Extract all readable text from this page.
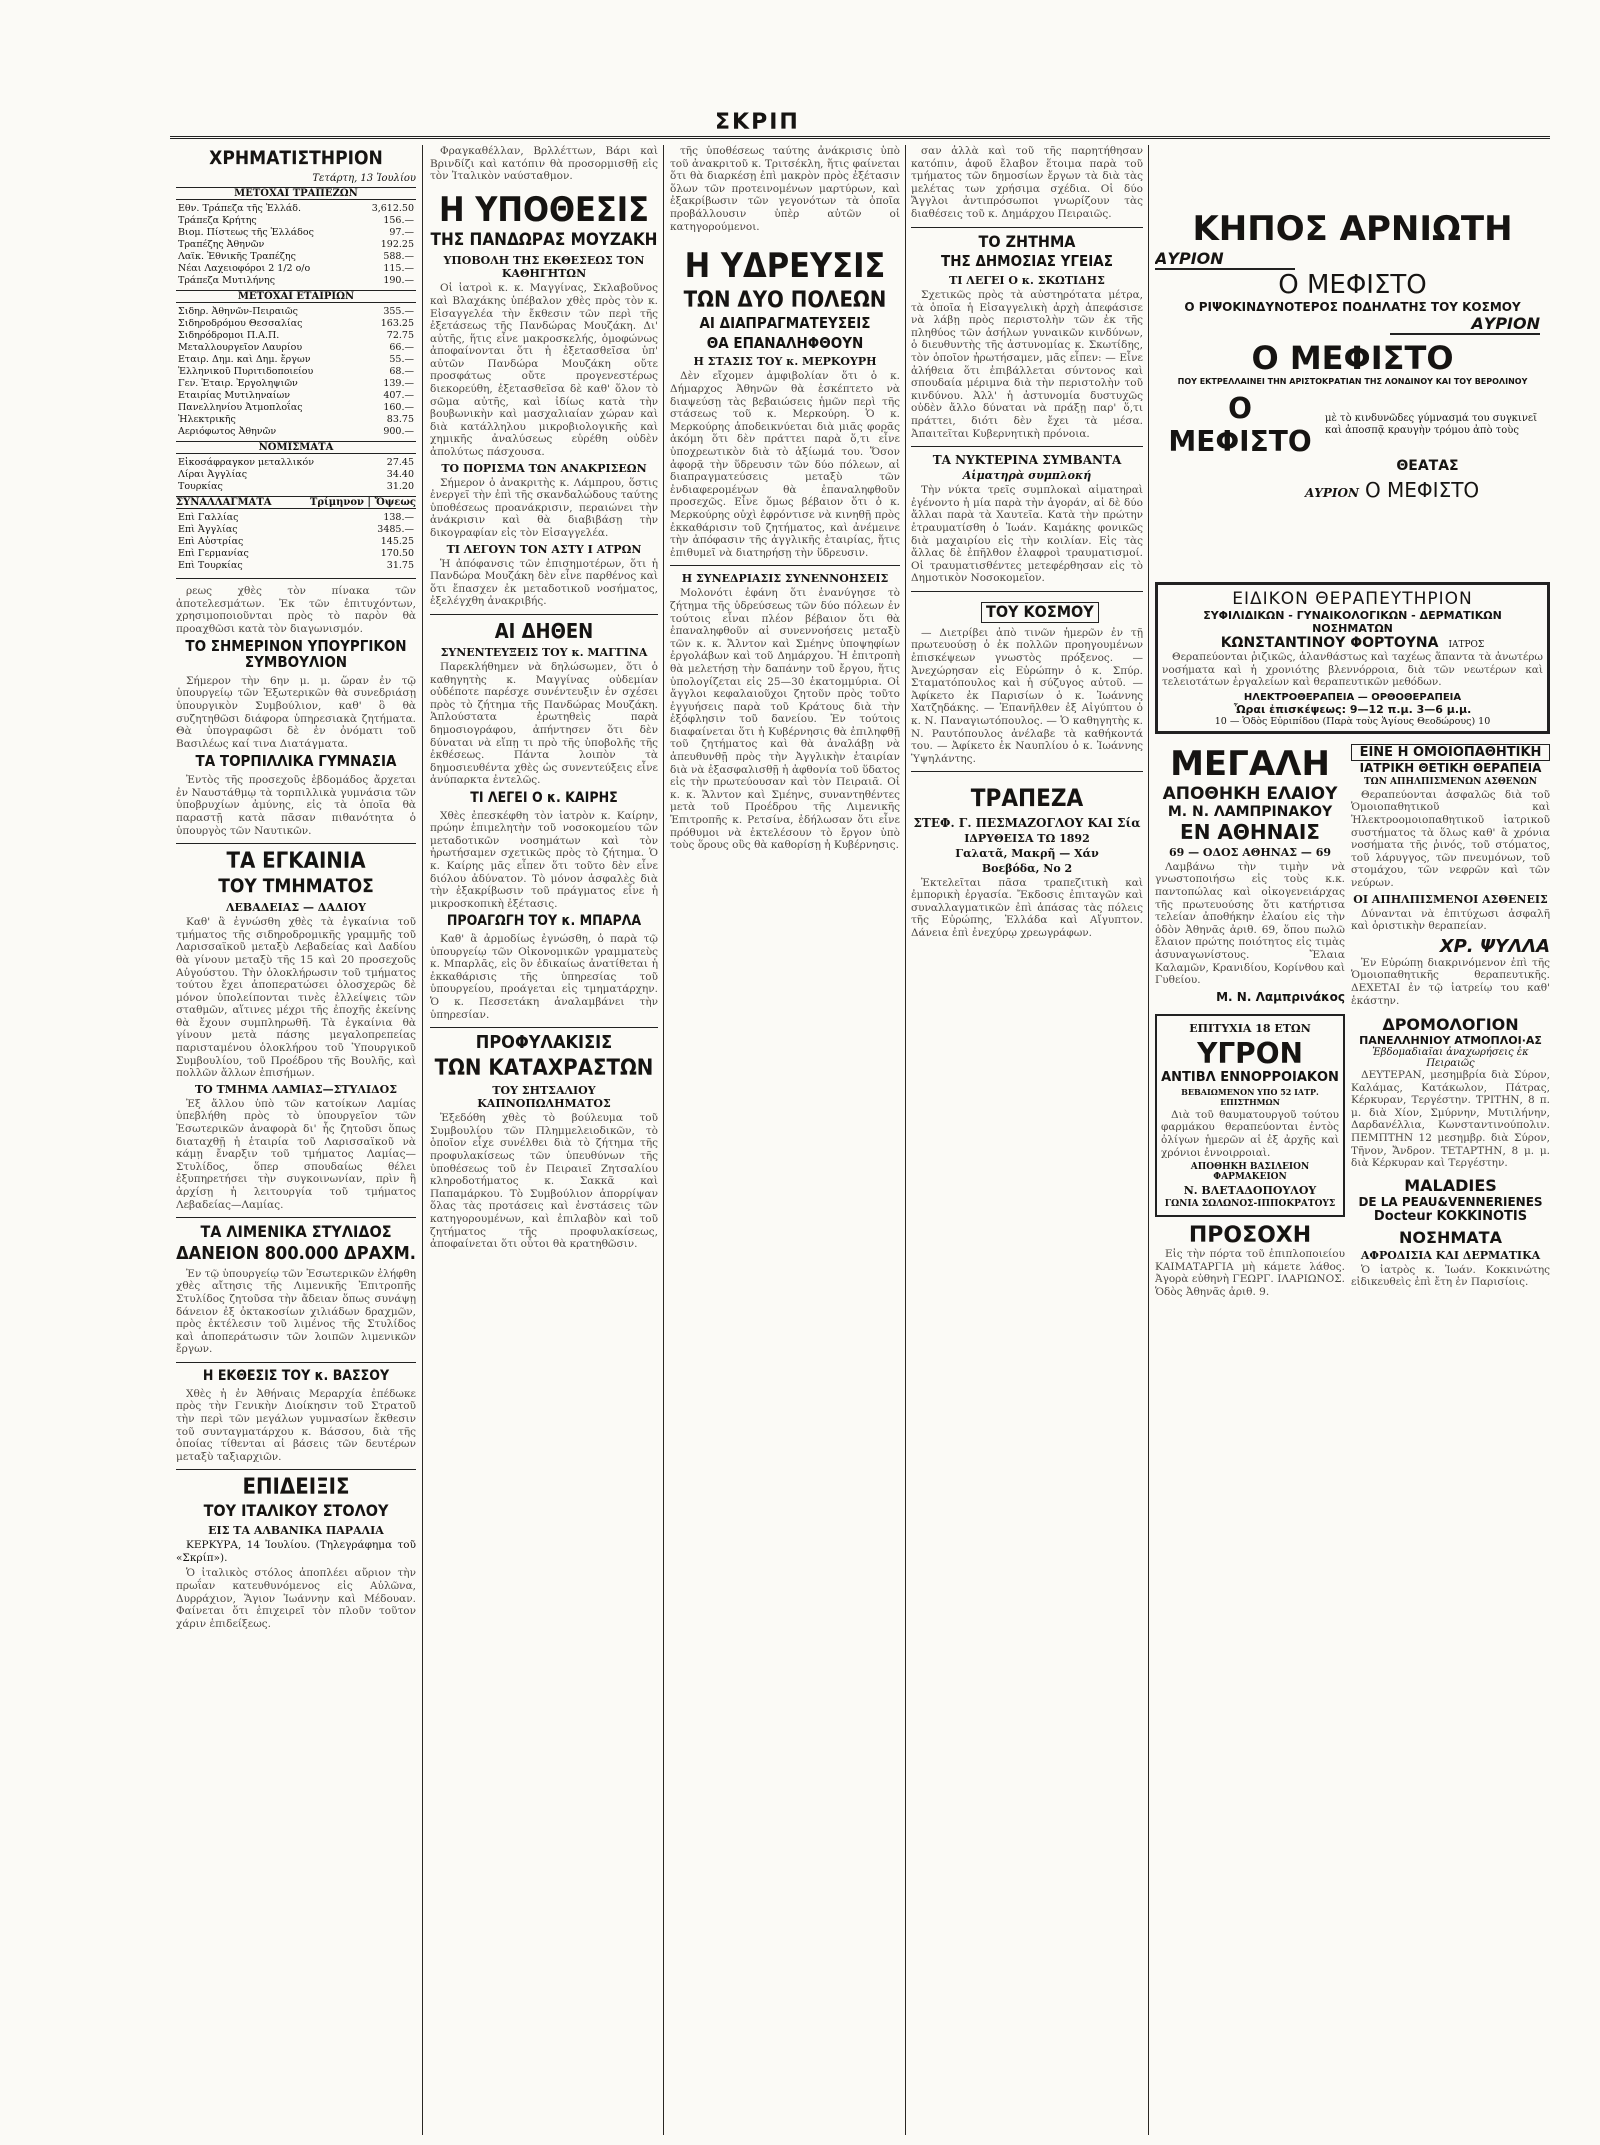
ΣΚΡΙΠ
ΧΡΗΜΑΤΙΣΤΗΡΙΟΝ
Τετάρτη, 13 Ἰουλίου
ΜΕΤΟΧΑΙ ΤΡΑΠΕΖΩΝ
Εθν. Τράπεζα τῆς Ἑλλάδ.	3,612.50
Τράπεζα Κρήτης	156.—
Βιομ. Πίστεως τῆς Ἑλλάδος	97.—
Τραπέζης Ἀθηνῶν	192.25
Λαϊκ. Ἐθνικῆς Τραπέζης	588.—
Νέαι Λαχειοφόροι 2 1/2 ο/ο	115.—
Τράπεζα Μυτιλήνης	190.—
ΜΕΤΟΧΑΙ ΕΤΑΙΡΙΩΝ
Σιδηρ. Ἀθηνῶν-Πειραιῶς	355.—
Σιδηροδρόμου Θεσσαλίας	163.25
Σιδηρόδρομοι Π.Α.Π.	72.75
Μεταλλουργεῖον Λαυρίου	66.—
Εταιρ. Δημ. καὶ Δημ. ἔργων	55.—
Ἑλληνικοῦ Πυριτιδοποιείου	68.—
Γεν. Ἑταιρ. Ἐργοληψιῶν	139.—
Εταιρίας Μυτιληναίων	407.—
Πανελληνίου Ἀτμοπλοΐας	160.—
Ἠλεκτρικῆς	83.75
Αεριόφωτος Ἀθηνῶν	900.—
ΝΟΜΙΣΜΑΤΑ
Εἰκοσάφραγκον μεταλλικόν	27.45
Λίραι Ἀγγλίας	34.40
Τουρκίας	31.20
ΣΥΝΑΛΛΑΓΜΑΤΑ	Τρίμηνον | Ὄψεως
Επὶ Γαλλίας	138.—
Επὶ Ἀγγλίας	3485.—
Επὶ Αὐστρίας	145.25
Επὶ Γερμανίας	170.50
Επὶ Τουρκίας	31.75

ρεως χθὲς τὸν πίνακα τῶν ἀποτελεσμάτων. Ἐκ τῶν ἐπιτυχόντων, χρησιμοποιοῦνται πρὸς τὸ παρὸν θὰ προαχθῶσι κατὰ τὸν διαγωνισμόν.

ΤΟ ΣΗΜΕΡΙΝΟΝ ΥΠΟΥΡΓΙΚΟΝ ΣΥΜΒΟΥΛΙΟΝ

Σήμερον τὴν 6ην μ. μ. ὥραν ἐν τῷ ὑπουργείῳ τῶν Ἐξωτερικῶν θὰ συνεδριάσῃ ὑπουργικὸν Συμβούλιον, καθ' ὃ θὰ συζητηθῶσι διάφορα ὑπηρεσιακὰ ζητήματα. Θὰ ὑπογραφῶσι δὲ ἐν ὀνόματι τοῦ Βασιλέως καί τινα Διατάγματα.

ΤΑ ΤΟΡΠΙΛΛΙΚΑ ΓΥΜΝΑΣΙΑ

Ἐντὸς τῆς προσεχοῦς ἑβδομάδος ἄρχεται ἐν Ναυστάθμῳ τὰ τορπιλλικὰ γυμνάσια τῶν ὑποβρυχίων ἀμύνης, εἰς τὰ ὁποῖα θὰ παραστῇ κατὰ πᾶσαν πιθανότητα ὁ ὑπουργὸς τῶν Ναυτικῶν.

ΤΑ ΕΓΚΑΙΝΙΑ
ΤΟΥ ΤΜΗΜΑΤΟΣ
ΛΕΒΑΔΕΙΑΣ — ΔΑΔΙΟΥ

Καθ' ἃ ἐγνώσθη χθὲς τὰ ἐγκαίνια τοῦ τμήματος τῆς σιδηροδρομικῆς γραμμῆς τοῦ Λαρισσαϊκοῦ μεταξὺ Λεβαδείας καὶ Δαδίου θὰ γίνουν μεταξὺ τῆς 15 καὶ 20 προσεχοῦς Αὐγούστου. Τὴν ὁλοκλήρωσιν τοῦ τμήματος τούτου ἔχει ἀποπερατώσει ὁλοσχερῶς δὲ μόνον ὑπολείπονται τινὲς ἐλλείψεις τῶν σταθμῶν, αἵτινες μέχρι τῆς ἐποχῆς ἐκείνης θὰ ἔχουν συμπληρωθῆ. Τὰ ἐγκαίνια θὰ γίνουν μετὰ πάσης μεγαλοπρεπείας παρισταμένου ὁλοκλήρου τοῦ Ὑπουργικοῦ Συμβουλίου, τοῦ Προέδρου τῆς Βουλῆς, καὶ πολλῶν ἄλλων ἐπισήμων.

ΤΟ ΤΜΗΜΑ ΛΑΜΙΑΣ—ΣΤΥΛΙΔΟΣ

Ἐξ ἄλλου ὑπὸ τῶν κατοίκων Λαμίας ὑπεβλήθη πρὸς τὸ ὑπουργεῖον τῶν Ἐσωτερικῶν ἀναφορὰ δι' ἧς ζητοῦσι ὅπως διαταχθῇ ἡ ἑταιρία τοῦ Λαρισσαϊκοῦ νὰ κάμῃ ἔναρξιν τοῦ τμήματος Λαμίας—Στυλίδος, ὅπερ σπουδαίως θέλει ἐξυπηρετήσει τὴν συγκοινωνίαν, πρὶν ἢ ἀρχίσῃ ἡ λειτουργία τοῦ τμήματος Λεβαδείας—Λαμίας.

ΤΑ ΛΙΜΕΝΙΚΑ ΣΤΥΛΙΔΟΣ
ΔΑΝΕΙΟΝ 800.000 ΔΡΑΧΜ.

Ἐν τῷ ὑπουργείῳ τῶν Ἐσωτερικῶν ἐλήφθη χθὲς αἴτησις τῆς Λιμενικῆς Ἐπιτροπῆς Στυλίδος ζητοῦσα τὴν ἄδειαν ὅπως συνάψῃ δάνειον ἐξ ὀκτακοσίων χιλιάδων δραχμῶν, πρὸς ἐκτέλεσιν τοῦ λιμένος τῆς Στυλίδος καὶ ἀποπεράτωσιν τῶν λοιπῶν λιμενικῶν ἔργων.

Η ΕΚΘΕΣΙΣ ΤΟΥ κ. ΒΑΣΣΟΥ

Χθὲς ἡ ἐν Ἀθήναις Μεραρχία ἐπέδωκε πρὸς τὴν Γενικὴν Διοίκησιν τοῦ Στρατοῦ τὴν περὶ τῶν μεγάλων γυμνασίων ἔκθεσιν τοῦ συνταγματάρχου κ. Βάσσου, διὰ τῆς ὁποίας τίθενται αἱ βάσεις τῶν δευτέρων μεταξὺ ταξιαρχιῶν.

ΕΠΙΔΕΙΞΙΣ
ΤΟΥ ΙΤΑΛΙΚΟΥ ΣΤΟΛΟΥ
ΕΙΣ ΤΑ ΑΛΒΑΝΙΚΑ ΠΑΡΑΛΙΑ

ΚΕΡΚΥΡΑ, 14 Ἰουλίου. (Τηλεγράφημα τοῦ «Σκρίπ»).

Ὁ ἰταλικὸς στόλος ἀποπλέει αὔριον τὴν πρωΐαν κατευθυνόμενος εἰς Αὐλῶνα, Δυρράχιον, Ἅγιον Ἰωάννην καὶ Μέδουαν. Φαίνεται ὅτι ἐπιχειρεῖ τὸν πλοῦν τοῦτον χάριν ἐπιδείξεως.

Φραγκαθέλλαν, Βρλλέττων, Βάρι καὶ Βρινδίζι καὶ κατόπιν θὰ προσορμισθῇ εἰς τὸν Ἰταλικὸν ναύσταθμον.

Η ΥΠΟΘΕΣΙΣ
ΤΗΣ ΠΑΝΔΩΡΑΣ ΜΟΥΖΑΚΗ
ΥΠΟΒΟΛΗ ΤΗΣ ΕΚΘΕΣΕΩΣ ΤΟΝ ΚΑΘΗΓΗΤΩΝ

Οἱ ἰατροὶ κ. κ. Μαγγίνας, Σκλαβοῦνος καὶ Βλαχάκης ὑπέβαλον χθὲς πρὸς τὸν κ. Εἰσαγγελέα τὴν ἔκθεσιν τῶν περὶ τῆς ἐξετάσεως τῆς Πανδώρας Μουζάκη. Δι' αὐτῆς, ἥτις εἶνε μακροσκελής, ὁμοφώνως ἀποφαίνονται ὅτι ἡ ἐξετασθεῖσα ὑπ' αὐτῶν Πανδώρα Μουζάκη οὔτε προσφάτως οὔτε προγενεστέρως διεκορεύθη, ἐξετασθεῖσα δὲ καθ' ὅλον τὸ σῶμα αὐτῆς, καὶ ἰδίως κατὰ τὴν βουβωνικὴν καὶ μασχαλιαίαν χώραν καὶ διὰ κατάλληλου μικροβιολογικῆς καὶ χημικῆς ἀναλύσεως εὑρέθη οὐδὲν ἀπολύτως πάσχουσα.

ΤΟ ΠΟΡΙΣΜΑ ΤΩΝ ΑΝΑΚΡΙΣΕΩΝ

Σήμερον ὁ ἀνακριτὴς κ. Λάμπρου, ὅστις ἐνεργεῖ τὴν ἐπὶ τῆς σκανδαλώδους ταύτης ὑποθέσεως προανάκρισιν, περαιώνει τὴν ἀνάκρισιν καὶ θὰ διαβιβάσῃ τὴν δικογραφίαν εἰς τὸν Εἰσαγγελέα.

ΤΙ ΛΕΓΟΥΝ ΤΟΝ ΑΣΤΥ Ι ΑΤΡΩΝ

Ἡ ἀπόφανσις τῶν ἐπισημοτέρων, ὅτι ἡ Πανδώρα Μουζάκη δὲν εἶνε παρθένος καὶ ὅτι ἔπασχεν ἐκ μεταδοτικοῦ νοσήματος, ἐξελέγχθη ἀνακριβής.

ΑΙ ΔΗΘΕΝ
ΣΥΝΕΝΤΕΥΞΕΙΣ ΤΟΥ κ. ΜΑΓΓΙΝΑ

Παρεκλήθημεν νὰ δηλώσωμεν, ὅτι ὁ καθηγητὴς κ. Μαγγίνας οὐδεμίαν οὐδέποτε παρέσχε συνέντευξιν ἐν σχέσει πρὸς τὸ ζήτημα τῆς Πανδώρας Μουζάκη. Ἁπλούστατα ἐρωτηθεὶς παρὰ δημοσιογράφου, ἀπήντησεν ὅτι δὲν δύναται νὰ εἴπῃ τι πρὸ τῆς ὑποβολῆς τῆς ἐκθέσεως. Πάντα λοιπὸν τὰ δημοσιευθέντα χθὲς ὡς συνεντεύξεις εἶνε ἀνύπαρκτα ἐντελῶς.

ΤΙ ΛΕΓΕΙ Ο κ. ΚΑΙΡΗΣ

Χθὲς ἐπεσκέφθη τὸν ἰατρὸν κ. Καίρην, πρώην ἐπιμελητὴν τοῦ νοσοκομείου τῶν μεταδοτικῶν νοσημάτων καὶ τὸν ἠρωτήσαμεν σχετικῶς πρὸς τὸ ζήτημα. Ὁ κ. Καίρης μᾶς εἶπεν ὅτι τοῦτο δὲν εἶνε διόλου ἀδύνατον. Τὸ μόνον ἀσφαλὲς διὰ τὴν ἐξακρίβωσιν τοῦ πράγματος εἶνε ἡ μικροσκοπικὴ ἐξέτασις.

ΠΡΟΑΓΩΓΗ ΤΟΥ κ. ΜΠΑΡΛΑ

Καθ' ἃ ἀρμοδίως ἐγνώσθη, ὁ παρὰ τῷ ὑπουργείῳ τῶν Οἰκονομικῶν γραμματεὺς κ. Μπαρλᾶς, εἰς ὃν ἐδικαίως ἀνατίθεται ἡ ἐκκαθάρισις τῆς ὑπηρεσίας τοῦ ὑπουργείου, προάγεται εἰς τμηματάρχην. Ὁ κ. Πεσσετάκη ἀναλαμβάνει τὴν ὑπηρεσίαν.

ΠΡΟΦΥΛΑΚΙΣΙΣ
ΤΩΝ ΚΑΤΑΧΡΑΣΤΩΝ
ΤΟΥ ΣΗΤΣΑΛΙΟΥ ΚΑΠΝΟΠΩΛΗΜΑΤΟΣ

Ἐξεδόθη χθὲς τὸ βούλευμα τοῦ Συμβουλίου τῶν Πλημμελειοδικῶν, τὸ ὁποῖον εἶχε συνέλθει διὰ τὸ ζήτημα τῆς προφυλακίσεως τῶν ὑπευθύνων τῆς ὑποθέσεως τοῦ ἐν Πειραιεῖ Ζητσαλίου κληροδοτήματος κ. Σακκᾶ καὶ Παπαμάρκου. Τὸ Συμβούλιον ἀπορρίψαν ὅλας τὰς προτάσεις καὶ ἐνστάσεις τῶν κατηγορουμένων, καὶ ἐπιλαβὸν καὶ τοῦ ζητήματος τῆς προφυλακίσεως, ἀποφαίνεται ὅτι οὗτοι θὰ κρατηθῶσιν.

τῆς ὑποθέσεως ταύτης ἀνάκρισις ὑπὸ τοῦ ἀνακριτοῦ κ. Τριτσέκλη, ἥτις φαίνεται ὅτι θὰ διαρκέσῃ ἐπὶ μακρὸν πρὸς ἐξέτασιν ὅλων τῶν προτεινομένων μαρτύρων, καὶ ἐξακρίβωσιν τῶν γεγονότων τὰ ὁποῖα προβάλλουσιν ὑπὲρ αὐτῶν οἱ κατηγορούμενοι.

Η ΥΔΡΕΥΣΙΣ
ΤΩΝ ΔΥΟ ΠΟΛΕΩΝ
ΑΙ ΔΙΑΠΡΑΓΜΑΤΕΥΣΕΙΣ
ΘΑ ΕΠΑΝΑΛΗΦΘΟΥΝ
Η ΣΤΑΣΙΣ ΤΟΥ κ. ΜΕΡΚΟΥΡΗ

Δὲν εἴχομεν ἀμφιβολίαν ὅτι ὁ κ. Δήμαρχος Ἀθηνῶν θὰ ἐσκέπτετο νὰ διαψεύσῃ τὰς βεβαιώσεις ἡμῶν περὶ τῆς στάσεως τοῦ κ. Μερκούρη. Ὁ κ. Μερκούρης ἀποδεικνύεται διὰ μιᾶς φορᾶς ἀκόμη ὅτι δὲν πράττει παρὰ ὅ,τι εἶνε ὑποχρεωτικὸν διὰ τὸ ἀξίωμά του. Ὅσον ἀφορᾷ τὴν ὕδρευσιν τῶν δύο πόλεων, αἱ διαπραγματεύσεις μεταξὺ τῶν ἐνδιαφερομένων θὰ ἐπαναληφθοῦν προσεχῶς. Εἶνε ὅμως βέβαιον ὅτι ὁ κ. Μερκούρης οὐχὶ ἐφρόντισε νὰ κινηθῇ πρὸς ἐκκαθάρισιν τοῦ ζητήματος, καὶ ἀνέμεινε τὴν ἀπόφασιν τῆς ἀγγλικῆς ἑταιρίας, ἥτις ἐπιθυμεῖ νὰ διατηρήσῃ τὴν ὕδρευσιν.

Η ΣΥΝΕΔΡΙΑΣΙΣ ΣΥΝΕΝΝΟΗΣΕΙΣ

Μολονότι ἐφάνη ὅτι ἐνανύγησε τὸ ζήτημα τῆς ὑδρεύσεως τῶν δύο πόλεων ἐν τούτοις εἶναι πλέον βέβαιον ὅτι θὰ ἐπαναληφθοῦν αἱ συνεννοήσεις μεταξὺ τῶν κ. κ. Ἄλντον καὶ Σμέηνς ὑποψηφίων ἐργολάβων καὶ τοῦ Δημάρχου. Ἡ ἐπιτροπὴ θὰ μελετήσῃ τὴν δαπάνην τοῦ ἔργου, ἥτις ὑπολογίζεται εἰς 25—30 ἑκατομμύρια. Οἱ ἄγγλοι κεφαλαιοῦχοι ζητοῦν πρὸς τοῦτο ἐγγυήσεις παρὰ τοῦ Κράτους διὰ τὴν ἐξόφλησιν τοῦ δανείου. Ἐν τούτοις διαφαίνεται ὅτι ἡ Κυβέρνησις θὰ ἐπιληφθῇ τοῦ ζητήματος καὶ θὰ ἀναλάβῃ νὰ ἀπευθυνθῇ πρὸς τὴν Ἀγγλικὴν ἑταιρίαν διὰ νὰ ἐξασφαλισθῇ ἡ ἀφθονία τοῦ ὕδατος εἰς τὴν πρωτεύουσαν καὶ τὸν Πειραιᾶ. Οἱ κ. κ. Ἄλντον καὶ Σμέηνς, συναντηθέντες μετὰ τοῦ Προέδρου τῆς Λιμενικῆς Ἐπιτροπῆς κ. Ρετσίνα, ἐδήλωσαν ὅτι εἶνε πρόθυμοι νὰ ἐκτελέσουν τὸ ἔργον ὑπὸ τοὺς ὅρους οὓς θὰ καθορίσῃ ἡ Κυβέρνησις.

σαν ἀλλὰ καὶ τοῦ τῆς παρητήθησαν κατόπιν, ἀφοῦ ἔλαβον ἕτοιμα παρὰ τοῦ τμήματος τῶν δημοσίων ἔργων τὰ διὰ τὰς μελέτας των χρήσιμα σχέδια. Οἱ δύο Ἄγγλοι ἀντιπρόσωποι γνωρίζουν τὰς διαθέσεις τοῦ κ. Δημάρχου Πειραιῶς.

ΤΟ ΖΗΤΗΜΑ
ΤΗΣ ΔΗΜΟΣΙΑΣ ΥΓΕΙΑΣ
ΤΙ ΛΕΓΕΙ Ο κ. ΣΚΩΤΙΔΗΣ

Σχετικῶς πρὸς τὰ αὐστηρότατα μέτρα, τὰ ὁποῖα ἡ Εἰσαγγελικὴ ἀρχὴ ἀπεφάσισε νὰ λάβῃ πρὸς περιστολὴν τῶν ἐκ τῆς πληθύος τῶν ἀσήλων γυναικῶν κινδύνων, ὁ διευθυντὴς τῆς ἀστυνομίας κ. Σκωτίδης, τὸν ὁποῖον ἠρωτήσαμεν, μᾶς εἶπεν: — Εἶνε ἀλήθεια ὅτι ἐπιβάλλεται σύντονος καὶ σπουδαία μέριμνα διὰ τὴν περιστολὴν τοῦ κινδύνου. Ἀλλ' ἡ ἀστυνομία δυστυχῶς οὐδὲν ἄλλο δύναται νὰ πράξῃ παρ' ὅ,τι πράττει, διότι δὲν ἔχει τὰ μέσα. Ἀπαιτεῖται Κυβερνητικὴ πρόνοια.

ΤΑ ΝΥΚΤΕΡΙΝΑ ΣΥΜΒΑΝΤΑ
Αἱματηρὰ συμπλοκή

Τὴν νύκτα τρεῖς συμπλοκαὶ αἱματηραὶ ἐγένοντο ἡ μία παρὰ τὴν ἀγοράν, αἱ δὲ δύο ἄλλαι παρὰ τὰ Χαυτεῖα. Κατὰ τὴν πρώτην ἐτραυματίσθη ὁ Ἰωάν. Καμάκης φονικῶς διὰ μαχαιρίου εἰς τὴν κοιλίαν. Εἰς τὰς ἄλλας δὲ ἐπῆλθον ἐλαφροὶ τραυματισμοί. Οἱ τραυματισθέντες μετεφέρθησαν εἰς τὸ Δημοτικὸν Νοσοκομεῖον.

ΤΟΥ ΚΟΣΜΟΥ

— Διετρίβει ἀπὸ τινῶν ἡμερῶν ἐν τῇ πρωτευούσῃ ὁ ἐκ πολλῶν προηγουμένων ἐπισκέψεων γνωστὸς πρόξενος. — Ἀνεχώρησαν εἰς Εὐρώπην ὁ κ. Σπύρ. Σταματόπουλος καὶ ἡ σύζυγος αὐτοῦ. — Ἀφίκετο ἐκ Παρισίων ὁ κ. Ἰωάννης Χατζηδάκης. — Ἐπανῆλθεν ἐξ Αἰγύπτου ὁ κ. Ν. Παναγιωτόπουλος. — Ὁ καθηγητὴς κ. Ν. Ραυτόπουλος ἀνέλαβε τὰ καθήκοντά του. — Ἀφίκετο ἐκ Ναυπλίου ὁ κ. Ἰωάννης Ὑψηλάντης.

ΤΡΑΠΕΖΑ
ΣΤΕΦ. Γ. ΠΕΣΜΑΖΟΓΛΟΥ ΚΑΙ Σία
ΙΔΡΥΘΕΙΣΑ ΤΩ 1892
Γαλατᾶ, Μακρῆ — Χάν
Βοεβόδα, Νο 2

Ἐκτελεῖται πᾶσα τραπεζιτικὴ καὶ ἐμπορικὴ ἐργασία. Ἔκδοσις ἐπιταγῶν καὶ συναλλαγματικῶν ἐπὶ ἁπάσας τὰς πόλεις τῆς Εὐρώπης, Ἑλλάδα καὶ Αἴγυπτον. Δάνεια ἐπὶ ἐνεχύρῳ χρεωγράφων.

ΚΗΠΟΣ ΑΡΝΙΩΤΗ
ΑΥΡΙΟΝ
Ο ΜΕΦΙΣΤΟ
Ο ΡΙΨΟΚΙΝΔΥΝΟΤΕΡΟΣ ΠΟΔΗΛΑΤΗΣ ΤΟΥ ΚΟΣΜΟΥ
ΑΥΡΙΟΝ
Ο ΜΕΦΙΣΤΟ
ΠΟΥ ΕΚΤΡΕΛΛΑΙΝΕΙ ΤΗΝ ΑΡΙΣΤΟΚΡΑΤΙΑΝ ΤΗΣ ΛΟΝΔΙΝΟΥ ΚΑΙ ΤΟΥ ΒΕΡΟΛΙΝΟΥ
Ο ΜΕΦΙΣΤΟ
μὲ τὸ κινδυνῶδες γύμνασμά του συγκινεῖ καὶ ἀποσπᾷ κραυγὴν τρόμου ἀπὸ τοὺς
ΘΕΑΤΑΣ
ΑΥΡΙΟΝ Ο ΜΕΦΙΣΤΟ
ΕΙΔΙΚΟΝ ΘΕΡΑΠΕΥΤΗΡΙΟΝ
ΣΥΦΙΛΙΔΙΚΩΝ - ΓΥΝΑΙΚΟΛΟΓΙΚΩΝ - ΔΕΡΜΑΤΙΚΩΝ ΝΟΣΗΜΑΤΩΝ
ΚΩΝΣΤΑΝΤΙΝΟΥ ΦΟΡΤΟΥΝΑ ΙΑΤΡΟΣ

Θεραπεύονται ῥιζικῶς, ἀλανθάστως καὶ ταχέως ἅπαντα τὰ ἀνωτέρω νοσήματα καὶ ἡ χρονιότης βλεννόρροια, διὰ τῶν νεωτέρων καὶ τελειοτάτων ἐργαλείων καὶ θεραπευτικῶν μεθόδων.

ΗΛΕΚΤΡΟΘΕΡΑΠΕΙΑ — ΟΡΘΟΘΕΡΑΠΕΙΑ
Ὧραι ἐπισκέψεως: 9—12 π.μ. 3—6 μ.μ.
10 — Ὁδὸς Εὐριπίδου (Παρὰ τοὺς Ἁγίους Θεοδώρους) 10
ΜΕΓΑΛΗ
ΑΠΟΘΗΚΗ ΕΛΑΙΟΥ
Μ. Ν. ΛΑΜΠΡΙΝΑΚΟΥ
ΕΝ ΑΘΗΝΑΙΣ
69 — ΟΔΟΣ ΑΘΗΝΑΣ — 69

Λαμβάνω τὴν τιμὴν νὰ γνωστοποιήσω εἰς τοὺς κ.κ. παντοπώλας καὶ οἰκογενειάρχας τῆς πρωτευούσης ὅτι κατήρτισα τελείαν ἀποθήκην ἐλαίου εἰς τὴν ὁδὸν Ἀθηνᾶς ἀριθ. 69, ὅπου πωλῶ ἔλαιον πρώτης ποιότητος εἰς τιμὰς ἀσυναγωνίστους. Ἔλαια Καλαμῶν, Κρανιδίου, Κορίνθου καὶ Γυθείου.

Μ. Ν. Λαμπρινάκος
ΕΠΙΤΥΧΙΑ 18 ΕΤΩΝ
ΥΓΡΟΝ
ΑΝΤΙΒΛ ΕΝΝΟΡΡΟΙΑΚΟΝ
ΒΕΒΑΙΩΜΕΝΟΝ ΥΠΟ 52 ΙΑΤΡ. ΕΠΙΣΤΗΜΩΝ

Διὰ τοῦ θαυματουργοῦ τούτου φαρμάκου θεραπεύονται ἐντὸς ὀλίγων ἡμερῶν αἱ ἐξ ἀρχῆς καὶ χρόνιοι ἐννοιρροιαὶ.

ΑΠΟΘΗΚΗ ΒΑΣΙΛΕΙΟΝ ΦΑΡΜΑΚΕΙΟΝ
Ν. ΒΛΕΤΑΔΟΠΟΥΛΟΥ
ΓΩΝΙΑ ΣΩΛΩΝΟΣ-ΙΠΠΟΚΡΑΤΟΥΣ
ΠΡΟΣΟΧΗ

Εἰς τὴν πόρτα τοῦ ἐπιπλοποιείου ΚΑΙΜΑΤΑΡΓΙΑ μὴ κάμετε λάθος. Ἀγορὰ εὐθηνὴ ΓΕΩΡΓ. ΙΛΑΡΙΩΝΟΣ. Ὁδὸς Ἀθηνᾶς ἀριθ. 9.

ΕΙΝΕ Η ΟΜΟΙΟΠΑΘΗΤΙΚΗ
ΙΑΤΡΙΚΗ ΘΕΤΙΚΗ ΘΕΡΑΠΕΙΑ
ΤΩΝ ΑΠΗΛΠΙΣΜΕΝΩΝ ΑΣΘΕΝΩΝ

Θεραπεύονται ἀσφαλῶς διὰ τοῦ Ὁμοιοπαθητικοῦ καὶ Ἠλεκτροομοιοπαθητικοῦ ἰατρικοῦ συστήματος τὰ ὅλως καθ' ἃ χρόνια νοσήματα τῆς ῥινός, τοῦ στόματος, τοῦ λάρυγγος, τῶν πνευμόνων, τοῦ στομάχου, τῶν νεφρῶν καὶ τῶν νεύρων.

ΟΙ ΑΠΗΛΠΙΣΜΕΝΟΙ ΑΣΘΕΝΕΙΣ

Δύνανται νὰ ἐπιτύχωσι ἀσφαλῆ καὶ ὁριστικὴν θεραπείαν.

ΧΡ. ΨΥΛΛΑ

Ἐν Εὐρώπῃ διακρινόμενον ἐπὶ τῆς Ὁμοιοπαθητικῆς θεραπευτικῆς. ΔΕΧΕΤΑΙ ἐν τῷ ἰατρείῳ του καθ' ἑκάστην.

ΔΡΟΜΟΛΟΓΙΟΝ
ΠΑΝΕΛΛΗΝΙΟΥ ΑΤΜΟΠΛΟΙ·ΑΣ
Ἑβδομαδιαῖαι ἀναχωρήσεις ἐκ Πειραιῶς

ΔΕΥΤΕΡΑΝ, μεσημβρία διὰ Σύρον, Καλάμας, Κατάκωλον, Πάτρας, Κέρκυραν, Τεργέστην. ΤΡΙΤΗΝ, 8 π. μ. διὰ Χίον, Σμύρνην, Μυτιλήνην, Δαρδανέλλια, Κωνσταντινούπολιν. ΠΕΜΠΤΗΝ 12 μεσημβρ. διὰ Σύρον, Τῆνον, Ἄνδρον. ΤΕΤΑΡΤΗΝ, 8 μ. μ. διὰ Κέρκυραν καὶ Τεργέστην.

MALADIES
DE LA PEAU&VENNERIENES
Docteur KOKKINOTIS
ΝΟΣΗΜΑΤΑ
ΑΦΡΟΔΙΣΙΑ ΚΑΙ ΔΕΡΜΑΤΙΚΑ

Ὁ ἰατρὸς κ. Ἰωάν. Κοκκινώτης εἰδικευθεὶς ἐπὶ ἔτη ἐν Παρισίοις.
